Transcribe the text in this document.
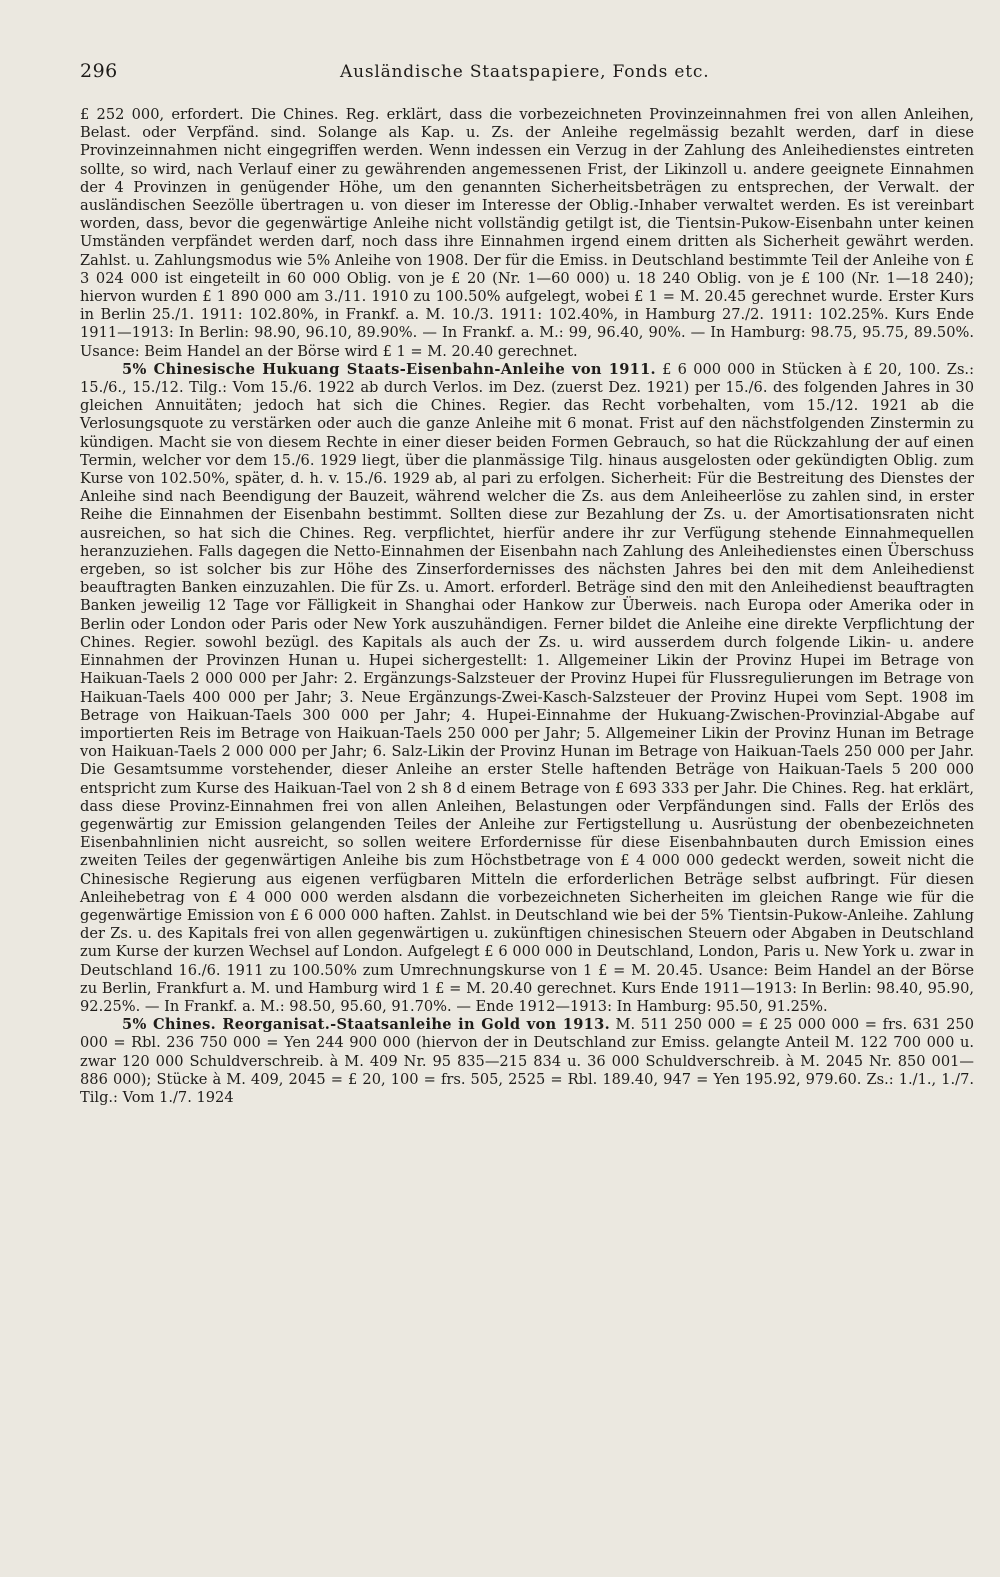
296	Ausländische Staatspapiere, Fonds etc.

£ 252 000, erfordert. Die Chines. Reg. erklärt, dass die vorbezeichneten Provinzeinnahmen frei von allen Anleihen, Belast. oder Verpfänd. sind. Solange als Kap. u. Zs. der Anleihe regelmässig bezahlt werden, darf in diese Provinzeinnahmen nicht eingegriffen werden. Wenn indessen ein Verzug in der Zahlung des Anleihedienstes eintreten sollte, so wird, nach Verlauf einer zu gewährenden angemessenen Frist, der Likinzoll u. andere geeignete Einnahmen der 4 Provinzen in genügender Höhe, um den genannten Sicherheitsbeträgen zu entsprechen, der Verwalt. der ausländischen Seezölle übertragen u. von dieser im Interesse der Oblig.-Inhaber verwaltet werden. Es ist vereinbart worden, dass, bevor die gegenwärtige Anleihe nicht vollständig getilgt ist, die Tientsin-Pukow-Eisenbahn unter keinen Umständen verpfändet werden darf, noch dass ihre Einnahmen irgend einem dritten als Sicherheit gewährt werden. Zahlst. u. Zahlungsmodus wie 5% Anleihe von 1908. Der für die Emiss. in Deutschland bestimmte Teil der Anleihe von £ 3 024 000 ist eingeteilt in 60 000 Oblig. von je £ 20 (Nr. 1—60 000) u. 18 240 Oblig. von je £ 100 (Nr. 1—18 240); hiervon wurden £ 1 890 000 am 3./11. 1910 zu 100.50% aufgelegt, wobei £ 1 = M. 20.45 gerechnet wurde. Erster Kurs in Berlin 25./1. 1911: 102.80%, in Frankf. a. M. 10./3. 1911: 102.40%, in Hamburg 27./2. 1911: 102.25%. Kurs Ende 1911—1913: In Berlin: 98.90, 96.10, 89.90%. — In Frankf. a. M.: 99, 96.40, 90%. — In Hamburg: 98.75, 95.75, 89.50%. Usance: Beim Handel an der Börse wird £ 1 = M. 20.40 gerechnet.

5% Chinesische Hukuang Staats-Eisenbahn-Anleihe von 1911. £ 6 000 000 in Stücken à £ 20, 100. Zs.: 15./6., 15./12. Tilg.: Vom 15./6. 1922 ab durch Verlos. im Dez. (zuerst Dez. 1921) per 15./6. des folgenden Jahres in 30 gleichen Annuitäten; jedoch hat sich die Chines. Regier. das Recht vorbehalten, vom 15./12. 1921 ab die Verlosungsquote zu verstärken oder auch die ganze Anleihe mit 6 monat. Frist auf den nächstfolgenden Zinstermin zu kündigen. Macht sie von diesem Rechte in einer dieser beiden Formen Gebrauch, so hat die Rückzahlung der auf einen Termin, welcher vor dem 15./6. 1929 liegt, über die planmässige Tilg. hinaus ausgelosten oder gekündigten Oblig. zum Kurse von 102.50%, später, d. h. v. 15./6. 1929 ab, al pari zu erfolgen. Sicherheit: Für die Bestreitung des Dienstes der Anleihe sind nach Beendigung der Bauzeit, während welcher die Zs. aus dem Anleiheerlöse zu zahlen sind, in erster Reihe die Einnahmen der Eisenbahn bestimmt. Sollten diese zur Bezahlung der Zs. u. der Amortisationsraten nicht ausreichen, so hat sich die Chines. Reg. verpflichtet, hierfür andere ihr zur Verfügung stehende Einnahmequellen heranzuziehen. Falls dagegen die Netto-Einnahmen der Eisenbahn nach Zahlung des Anleihedienstes einen Überschuss ergeben, so ist solcher bis zur Höhe des Zinserfordernisses des nächsten Jahres bei den mit dem Anleihedienst beauftragten Banken einzuzahlen. Die für Zs. u. Amort. erforderl. Beträge sind den mit den Anleihedienst beauftragten Banken jeweilig 12 Tage vor Fälligkeit in Shanghai oder Hankow zur Überweis. nach Europa oder Amerika oder in Berlin oder London oder Paris oder New York auszuhändigen. Ferner bildet die Anleihe eine direkte Verpflichtung der Chines. Regier. sowohl bezügl. des Kapitals als auch der Zs. u. wird ausserdem durch folgende Likin- u. andere Einnahmen der Provinzen Hunan u. Hupei sichergestellt: 1. Allgemeiner Likin der Provinz Hupei im Betrage von Haikuan-Taels 2 000 000 per Jahr: 2. Ergänzungs-Salzsteuer der Provinz Hupei für Flussregulierungen im Betrage von Haikuan-Taels 400 000 per Jahr; 3. Neue Ergänzungs-Zwei-Kasch-Salzsteuer der Provinz Hupei vom Sept. 1908 im Betrage von Haikuan-Taels 300 000 per Jahr; 4. Hupei-Einnahme der Hukuang-Zwischen-Provinzial-Abgabe auf importierten Reis im Betrage von Haikuan-Taels 250 000 per Jahr; 5. Allgemeiner Likin der Provinz Hunan im Betrage von Haikuan-Taels 2 000 000 per Jahr; 6. Salz-Likin der Provinz Hunan im Betrage von Haikuan-Taels 250 000 per Jahr. Die Gesamtsumme vorstehender, dieser Anleihe an erster Stelle haftenden Beträge von Haikuan-Taels 5 200 000 entspricht zum Kurse des Haikuan-Tael von 2 sh 8 d einem Betrage von £ 693 333 per Jahr. Die Chines. Reg. hat erklärt, dass diese Provinz-Einnahmen frei von allen Anleihen, Belastungen oder Verpfändungen sind. Falls der Erlös des gegenwärtig zur Emission gelangenden Teiles der Anleihe zur Fertigstellung u. Ausrüstung der obenbezeichneten Eisenbahnlinien nicht ausreicht, so sollen weitere Erfordernisse für diese Eisenbahnbauten durch Emission eines zweiten Teiles der gegenwärtigen Anleihe bis zum Höchstbetrage von £ 4 000 000 gedeckt werden, soweit nicht die Chinesische Regierung aus eigenen verfügbaren Mitteln die erforderlichen Beträge selbst aufbringt. Für diesen Anleihebetrag von £ 4 000 000 werden alsdann die vorbezeichneten Sicherheiten im gleichen Range wie für die gegenwärtige Emission von £ 6 000 000 haften. Zahlst. in Deutschland wie bei der 5% Tientsin-Pukow-Anleihe. Zahlung der Zs. u. des Kapitals frei von allen gegenwärtigen u. zukünftigen chinesischen Steuern oder Abgaben in Deutschland zum Kurse der kurzen Wechsel auf London. Aufgelegt £ 6 000 000 in Deutschland, London, Paris u. New York u. zwar in Deutschland 16./6. 1911 zu 100.50% zum Umrechnungskurse von 1 £ = M. 20.45. Usance: Beim Handel an der Börse zu Berlin, Frankfurt a. M. und Hamburg wird 1 £ = M. 20.40 gerechnet. Kurs Ende 1911—1913: In Berlin: 98.40, 95.90, 92.25%. — In Frankf. a. M.: 98.50, 95.60, 91.70%. — Ende 1912—1913: In Hamburg: 95.50, 91.25%.

5% Chines. Reorganisat.-Staatsanleihe in Gold von 1913. M. 511 250 000 = £ 25 000 000 = frs. 631 250 000 = Rbl. 236 750 000 = Yen 244 900 000 (hiervon der in Deutschland zur Emiss. gelangte Anteil M. 122 700 000 u. zwar 120 000 Schuldverschreib. à M. 409 Nr. 95 835—215 834 u. 36 000 Schuldverschreib. à M. 2045 Nr. 850 001—886 000); Stücke à M. 409, 2045 = £ 20, 100 = frs. 505, 2525 = Rbl. 189.40, 947 = Yen 195.92, 979.60. Zs.: 1./1., 1./7. Tilg.: Vom 1./7. 1924
